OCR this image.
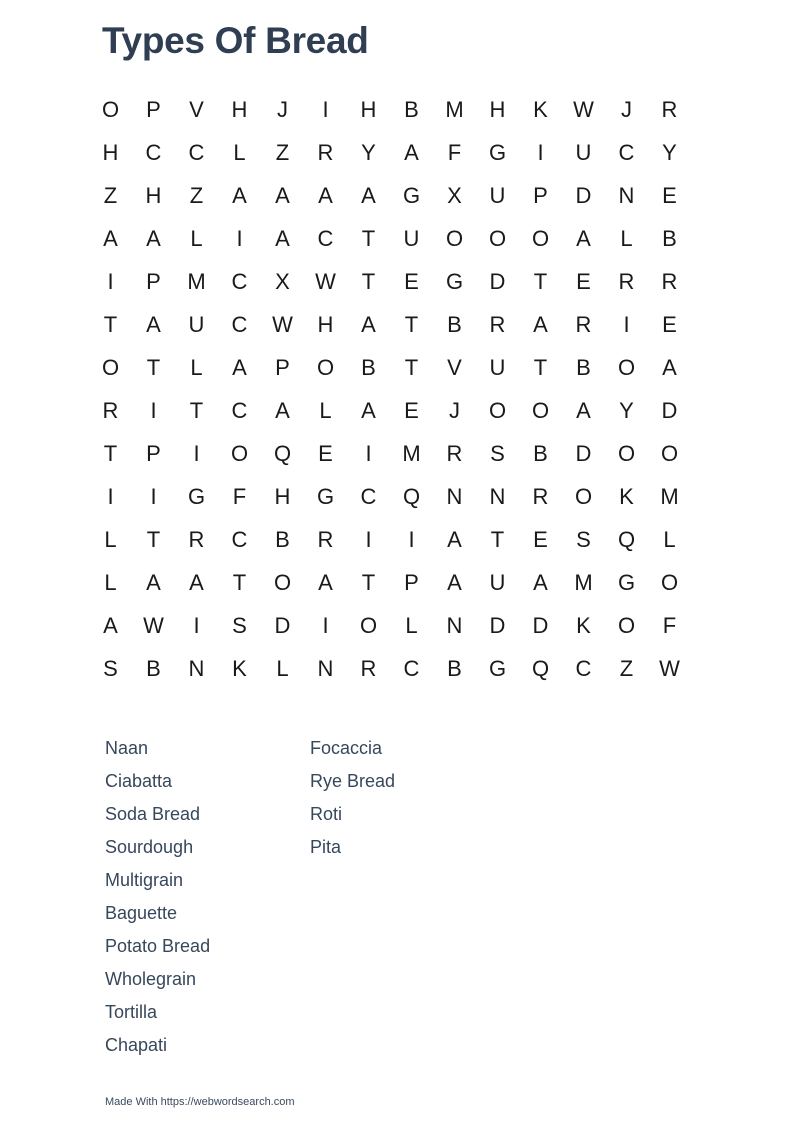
Types Of Bread
O	P	V	H	J	I	H	B	M	H	K	W	J	R
H	C	C	L	Z	R	Y	A	F	G	I	U	C	Y
Z	H	Z	A	A	A	A	G	X	U	P	D	N	E
A	A	L	I	A	C	T	U	O	O	O	A	L	B
I	P	M	C	X	W	T	E	G	D	T	E	R	R
T	A	U	C	W	H	A	T	B	R	A	R	I	E
O	T	L	A	P	O	B	T	V	U	T	B	O	A
R	I	T	C	A	L	A	E	J	O	O	A	Y	D
T	P	I	O	Q	E	I	M	R	S	B	D	O	O
I	I	G	F	H	G	C	Q	N	N	R	O	K	M
L	T	R	C	B	R	I	I	A	T	E	S	Q	L
L	A	A	T	O	A	T	P	A	U	A	M	G	O
A	W	I	S	D	I	O	L	N	D	D	K	O	F
S	B	N	K	L	N	R	C	B	G	Q	C	Z	W
Naan
Ciabatta
Soda Bread
Sourdough
Multigrain
Baguette
Potato Bread
Wholegrain
Tortilla
Chapati
Focaccia
Rye Bread
Roti
Pita
Made With https://webwordsearch.com
